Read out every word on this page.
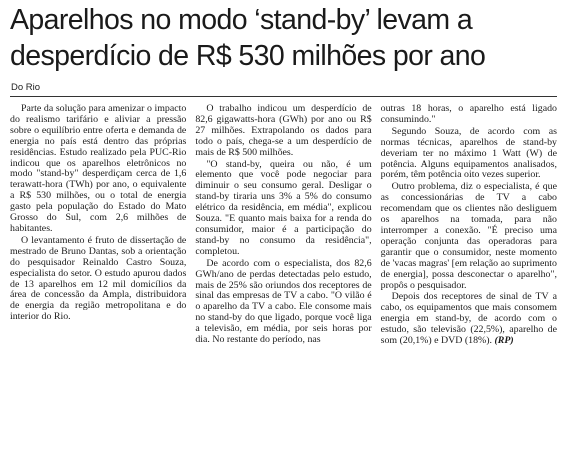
Aparelhos no modo ‘stand-by’ levam a
desperdício de R$ 530 milhões por ano
Do Rio

Parte da solução para amenizar o impacto do realismo tarifário e aliviar a pressão sobre o equilíbrio entre oferta e demanda de energia no país está dentro das próprias residências. Estudo realizado pela PUC-Rio indicou que os aparelhos eletrônicos no modo "stand-by" desperdiçam cerca de 1,6 terawatt-hora (TWh) por ano, o equivalente a R$ 530 milhões, ou o total de energia gasto pela população do Estado do Mato Grosso do Sul, com 2,6 milhões de habitantes.

O levantamento é fruto de dissertação de mestrado de Bruno Dantas, sob a orientação do pesquisador Reinaldo Castro Souza, especialista do setor. O estudo apurou dados de 13 aparelhos em 12 mil domicílios da área de concessão da Ampla, distribuidora de energia da região metropolitana e do interior do Rio.

O trabalho indicou um desperdício de 82,6 gigawatts-hora (GWh) por ano ou R$ 27 milhões. Extrapolando os dados para todo o país, chega-se a um desperdício de mais de R$ 500 milhões.

"O stand-by, queira ou não, é um elemento que você pode negociar para diminuir o seu consumo geral. Desligar o stand-by tiraria uns 3% a 5% do consumo elétrico da residência, em média", explicou Souza. "E quanto mais baixa for a renda do consumidor, maior é a participação do stand-by no consumo da residência", completou.

De acordo com o especialista, dos 82,6 GWh/ano de perdas detectadas pelo estudo, mais de 25% são oriundos dos receptores de sinal das empresas de TV a cabo. "O vilão é o aparelho da TV a cabo. Ele consome mais no stand-by do que ligado, porque você liga a televisão, em média, por seis horas por dia. No restante do período, nas

outras 18 horas, o aparelho está ligado consumindo."

Segundo Souza, de acordo com as normas técnicas, aparelhos de stand-by deveriam ter no máximo 1 Watt (W) de potência. Alguns equipamentos analisados, porém, têm potência oito vezes superior.

Outro problema, diz o especialista, é que as concessionárias de TV a cabo recomendam que os clientes não desliguem os aparelhos na tomada, para não interromper a conexão. "É preciso uma operação conjunta das operadoras para garantir que o consumidor, neste momento de 'vacas magras' [em relação ao suprimento de energia], possa desconectar o aparelho", propôs o pesquisador.

Depois dos receptores de sinal de TV a cabo, os equipamentos que mais consomem energia em stand-by, de acordo com o estudo, são televisão (22,5%), aparelho de som (20,1%) e DVD (18%). (RP)
